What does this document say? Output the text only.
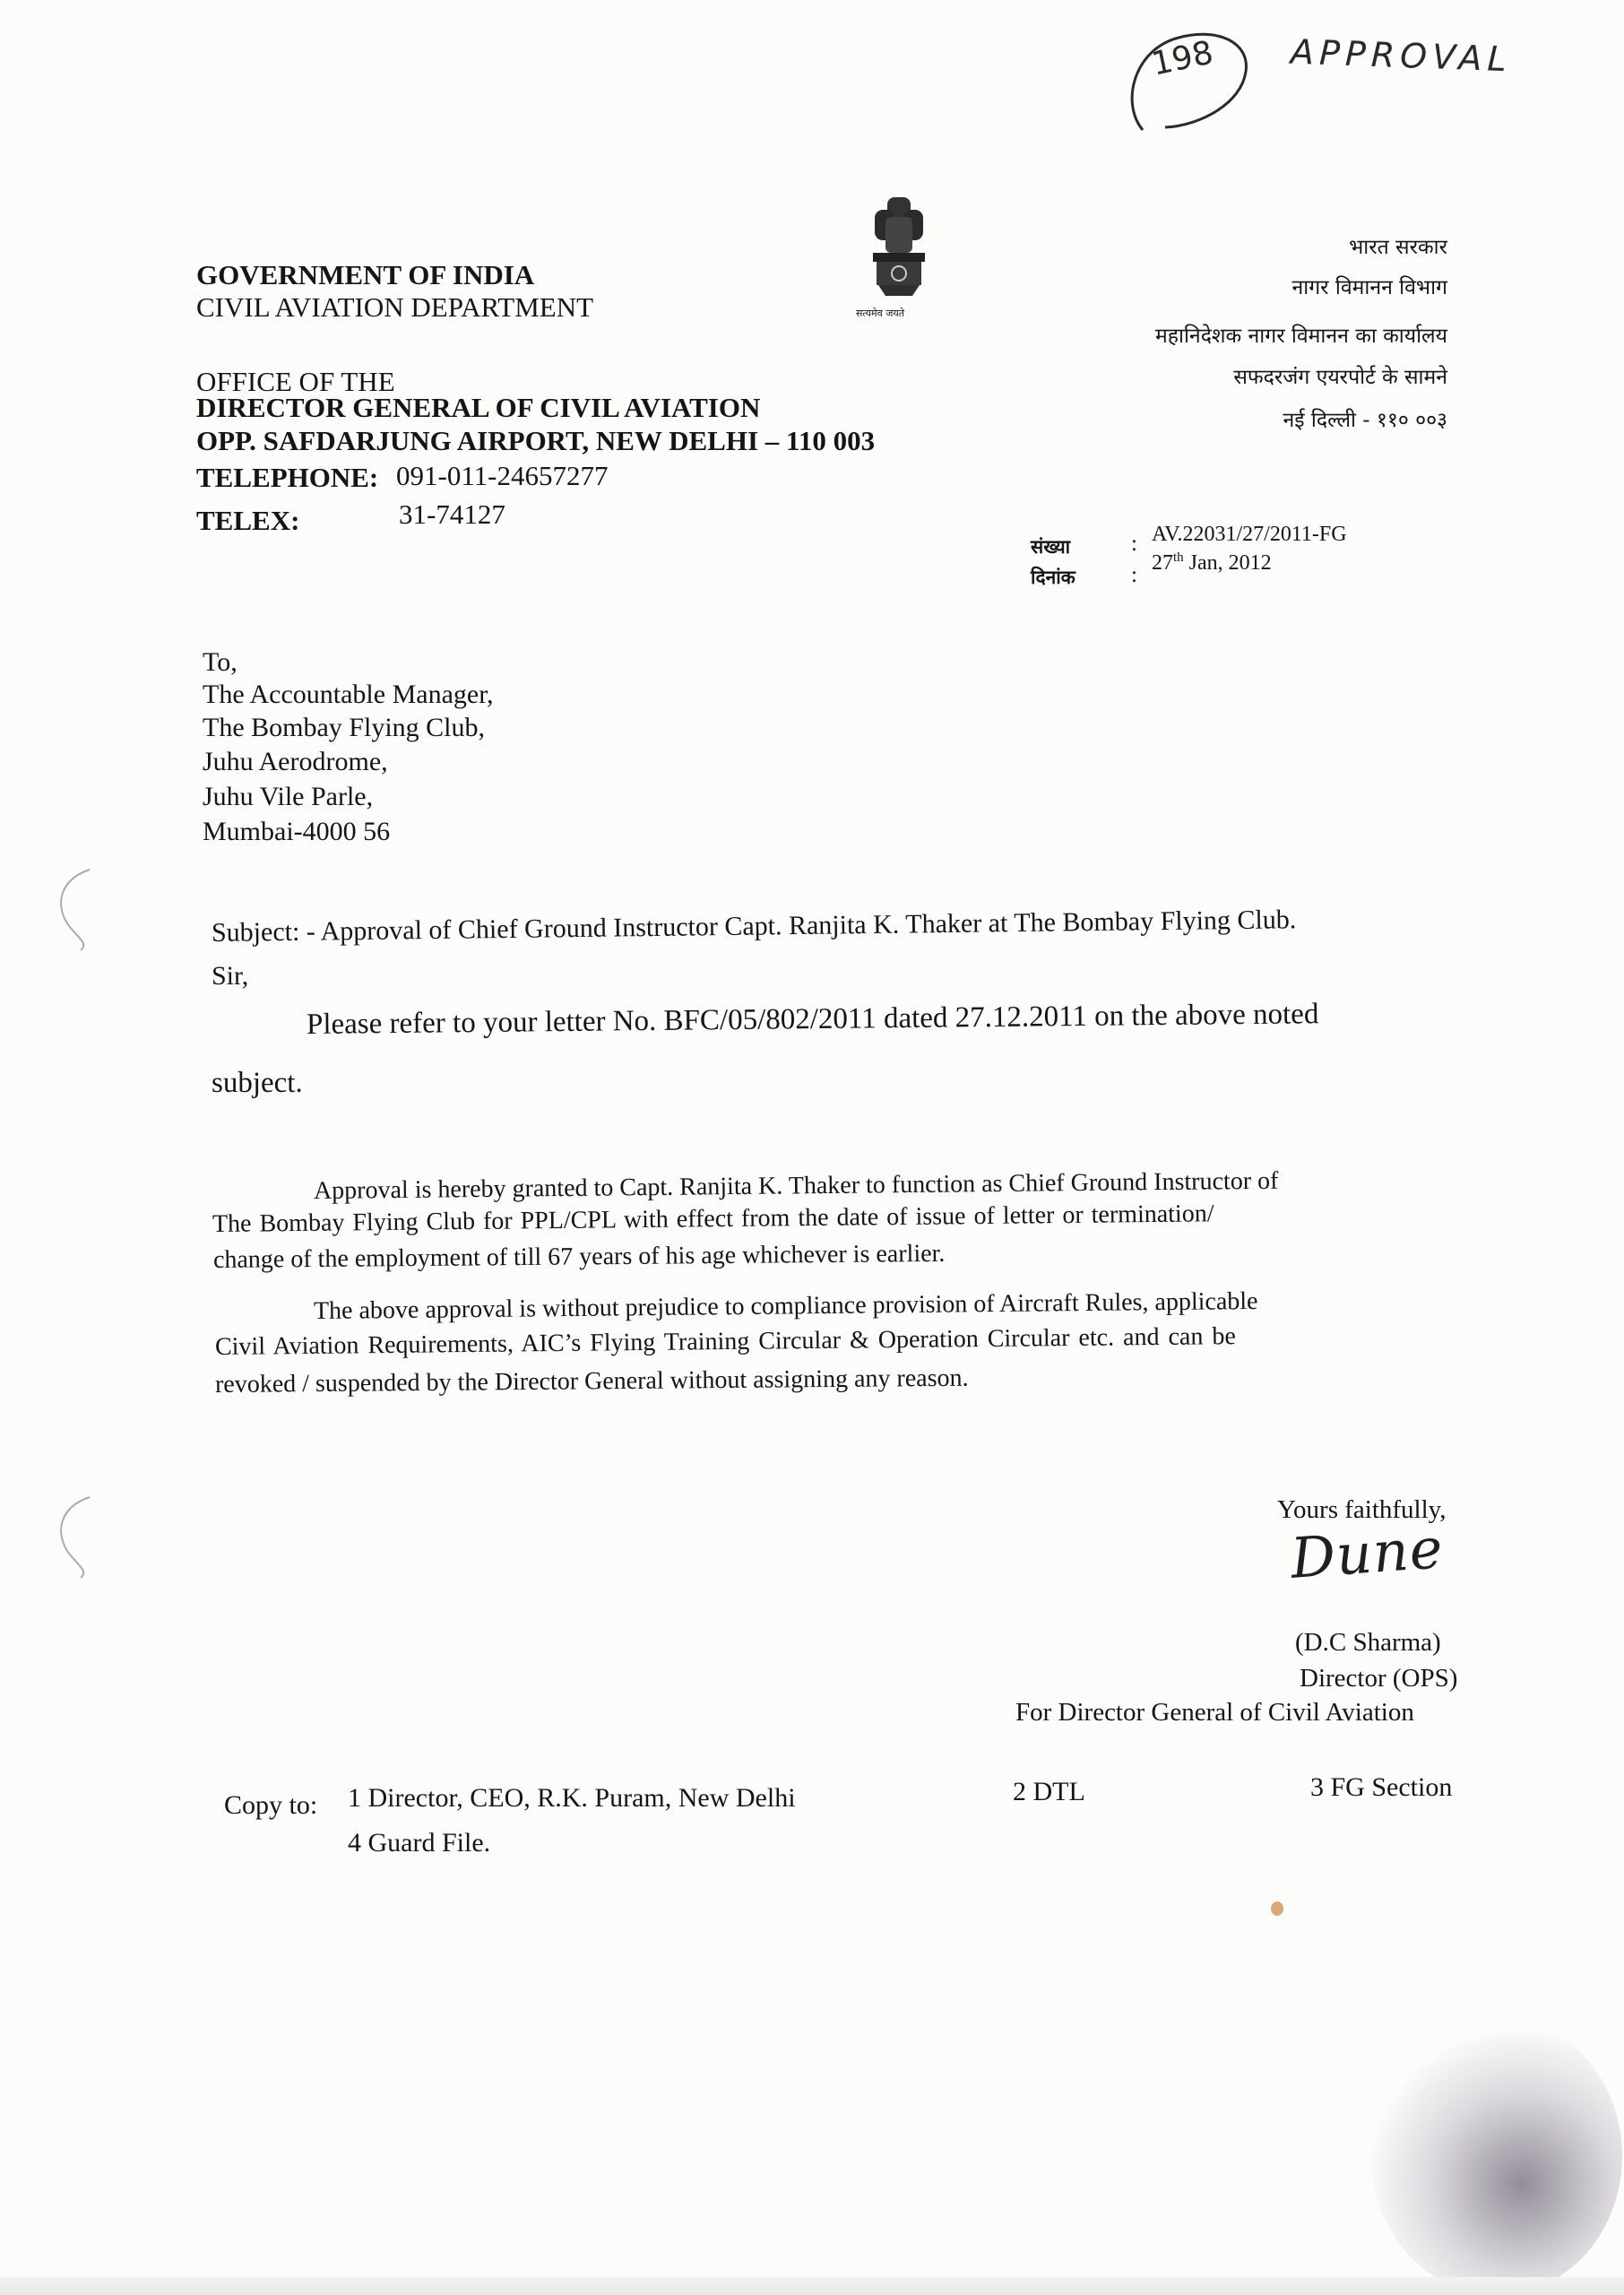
198 APPROVAL
सत्यमेव जयते
GOVERNMENT OF INDIA
CIVIL AVIATION DEPARTMENT
OFFICE OF THE
DIRECTOR GENERAL OF CIVIL AVIATION
OPP. SAFDARJUNG AIRPORT, NEW DELHI – 110 003
TELEPHONE: 091-011-24657277
TELEX:	31-74127
भारत सरकार
नागर विमानन विभाग
महानिदेशक नागर विमानन का कार्यालय
सफदरजंग एयरपोर्ट के सामने
नई दिल्ली - ११० ००३
संख्या	: AV.22031/27/2011-FG
दिनांक : 27th Jan, 2012
To,
The Accountable Manager,
The Bombay Flying Club,
Juhu Aerodrome,
Juhu Vile Parle,
Mumbai-4000 56
Subject: - Approval of Chief Ground Instructor Capt. Ranjita K. Thaker at The Bombay Flying Club.
Sir,
Please refer to your letter No. BFC/05/802/2011 dated 27.12.2011 on the above noted
subject.
Approval is hereby granted to Capt. Ranjita K. Thaker to function as Chief Ground Instructor of
The Bombay Flying Club for PPL/CPL with effect from the date of issue of letter or termination/
change of the employment of till 67 years of his age whichever is earlier.
The above approval is without prejudice to compliance provision of Aircraft Rules, applicable
Civil Aviation Requirements, AIC’s Flying Training Circular & Operation Circular etc. and can be
revoked / suspended by the Director General without assigning any reason.
Yours faithfully,
Dune
(D.C Sharma)
Director (OPS)
For Director General of Civil Aviation
Copy to: 1 Director, CEO, R.K. Puram, New Delhi	2 DTL	3 FG Section
4 Guard File.
